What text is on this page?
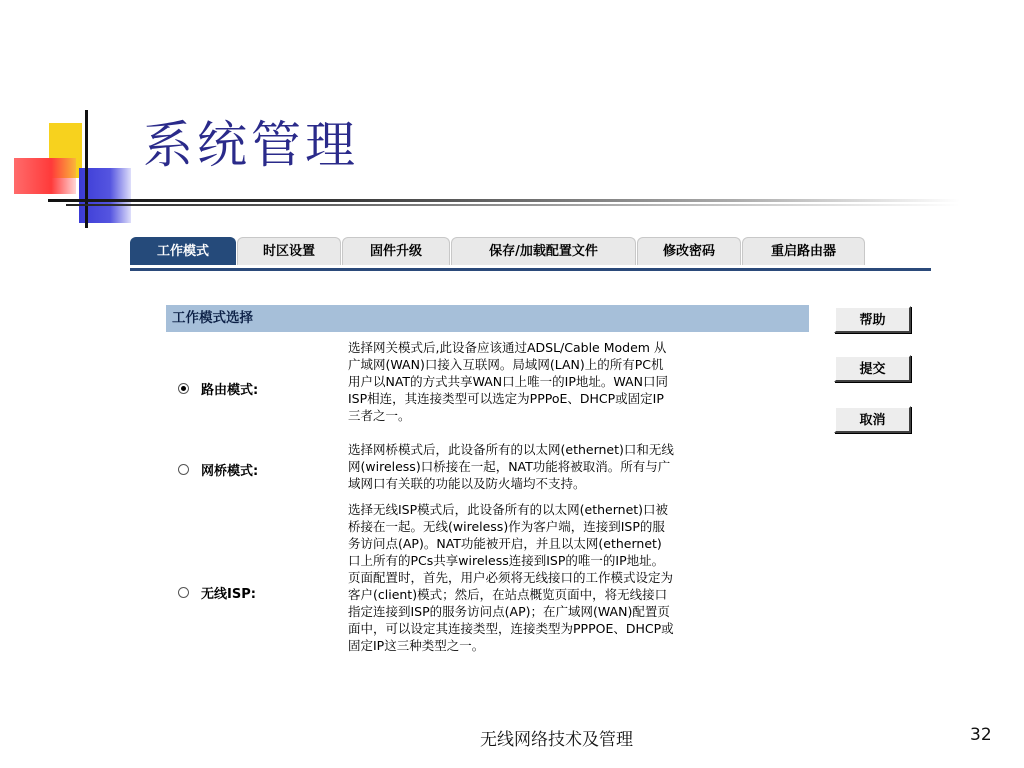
系统管理
工作模式	时区设置	固件升级	保存/加载配置文件	修改密码	重启路由器
工作模式选择	帮助
提交
取消
路由模式:
选择网关模式后,此设备应该通过ADSL/Cable Modem 从
广域网(WAN)口接入互联网。局域网(LAN)上的所有PC机
用户以NAT的方式共享WAN口上唯一的IP地址。WAN口同
ISP相连，其连接类型可以选定为PPPoE、DHCP或固定IP
三者之一。
网桥模式:
选择网桥模式后，此设备所有的以太网(ethernet)口和无线
网(wireless)口桥接在一起，NAT功能将被取消。所有与广
域网口有关联的功能以及防火墙均不支持。
无线ISP:
选择无线ISP模式后，此设备所有的以太网(ethernet)口被
桥接在一起。无线(wireless)作为客户端，连接到ISP的服
务访问点(AP)。NAT功能被开启，并且以太网(ethernet)
口上所有的PCs共享wireless连接到ISP的唯一的IP地址。
页面配置时，首先，用户必须将无线接口的工作模式设定为
客户(client)模式；然后，在站点概览页面中，将无线接口
指定连接到ISP的服务访问点(AP)；在广域网(WAN)配置页
面中，可以设定其连接类型，连接类型为PPPOE、DHCP或
固定IP这三种类型之一。
无线网络技术及管理	32
